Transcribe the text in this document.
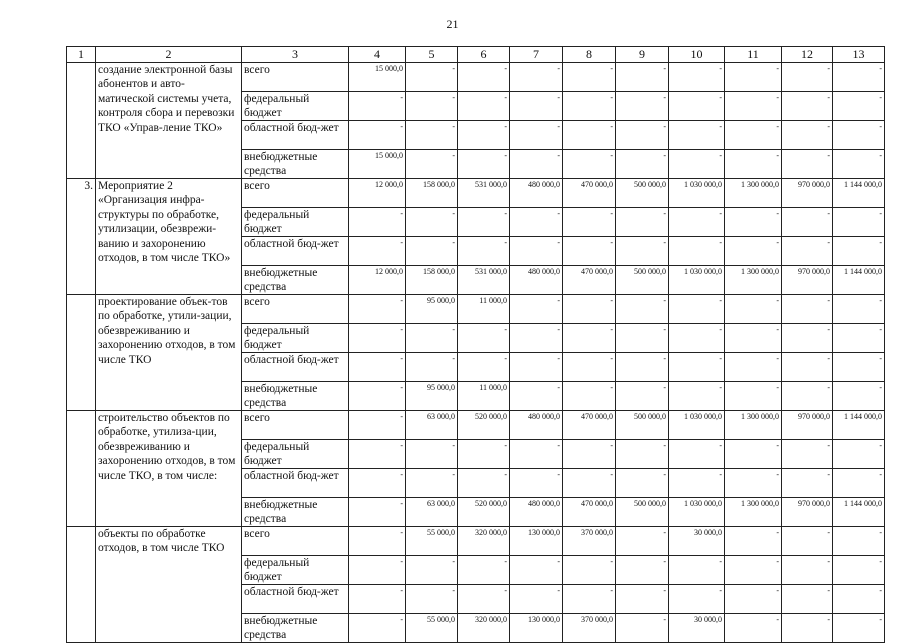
21
1	2	3	4	5	6	7	8	9	10	11	12	13
	создание электронной базы абонентов и авто-матической системы учета, контроля сбора и перевозки ТКО «Управ-ление ТКО»	всего	15 000,0	-	-	-	-	-	-	-	-	-
		федеральный бюджет	-	-	-	-	-	-	-	-	-	-
		областной бюд-жет	-	-	-	-	-	-	-	-	-	-
		внебюджетные средства	15 000,0	-	-	-	-	-	-	-	-	-
3.	Мероприятие 2 «Организация инфра-структуры по обработке, утилизации, обезврежи-ванию и захоронению отходов, в том числе ТКО»	всего	12 000,0	158 000,0	531 000,0	480 000,0	470 000,0	500 000,0	1 030 000,0	1 300 000,0	970 000,0	1 144 000,0
		федеральный бюджет	-	-	-	-	-	-	-	-	-	-
		областной бюд-жет	-	-	-	-	-	-	-	-	-	-
		внебюджетные средства	12 000,0	158 000,0	531 000,0	480 000,0	470 000,0	500 000,0	1 030 000,0	1 300 000,0	970 000,0	1 144 000,0
	проектирование объек-тов по обработке, утили-зации, обезвреживанию и захоронению отходов, в том числе ТКО	всего	-	95 000,0	11 000,0	-	-	-	-	-	-	-
		федеральный бюджет	-	-	-	-	-	-	-	-	-	-
		областной бюд-жет	-	-	-	-	-	-	-	-	-	-
		внебюджетные средства	-	95 000,0	11 000,0	-	-	-	-	-	-	-
	строительство объектов по обработке, утилиза-ции, обезвреживанию и захоронению отходов, в том числе ТКО, в том числе:	всего	-	63 000,0	520 000,0	480 000,0	470 000,0	500 000,0	1 030 000,0	1 300 000,0	970 000,0	1 144 000,0
		федеральный бюджет	-	-	-	-	-	-	-	-	-	-
		областной бюд-жет	-	-	-	-	-	-	-	-	-	-
		внебюджетные средства	-	63 000,0	520 000,0	480 000,0	470 000,0	500 000,0	1 030 000,0	1 300 000,0	970 000,0	1 144 000,0
	объекты по обработке отходов, в том числе ТКО	всего	-	55 000,0	320 000,0	130 000,0	370 000,0	-	30 000,0	-	-	-
		федеральный бюджет	-	-	-	-	-	-	-	-	-	-
		областной бюд-жет	-	-	-	-	-	-	-	-	-	-
		внебюджетные средства	-	55 000,0	320 000,0	130 000,0	370 000,0	-	30 000,0	-	-	-
